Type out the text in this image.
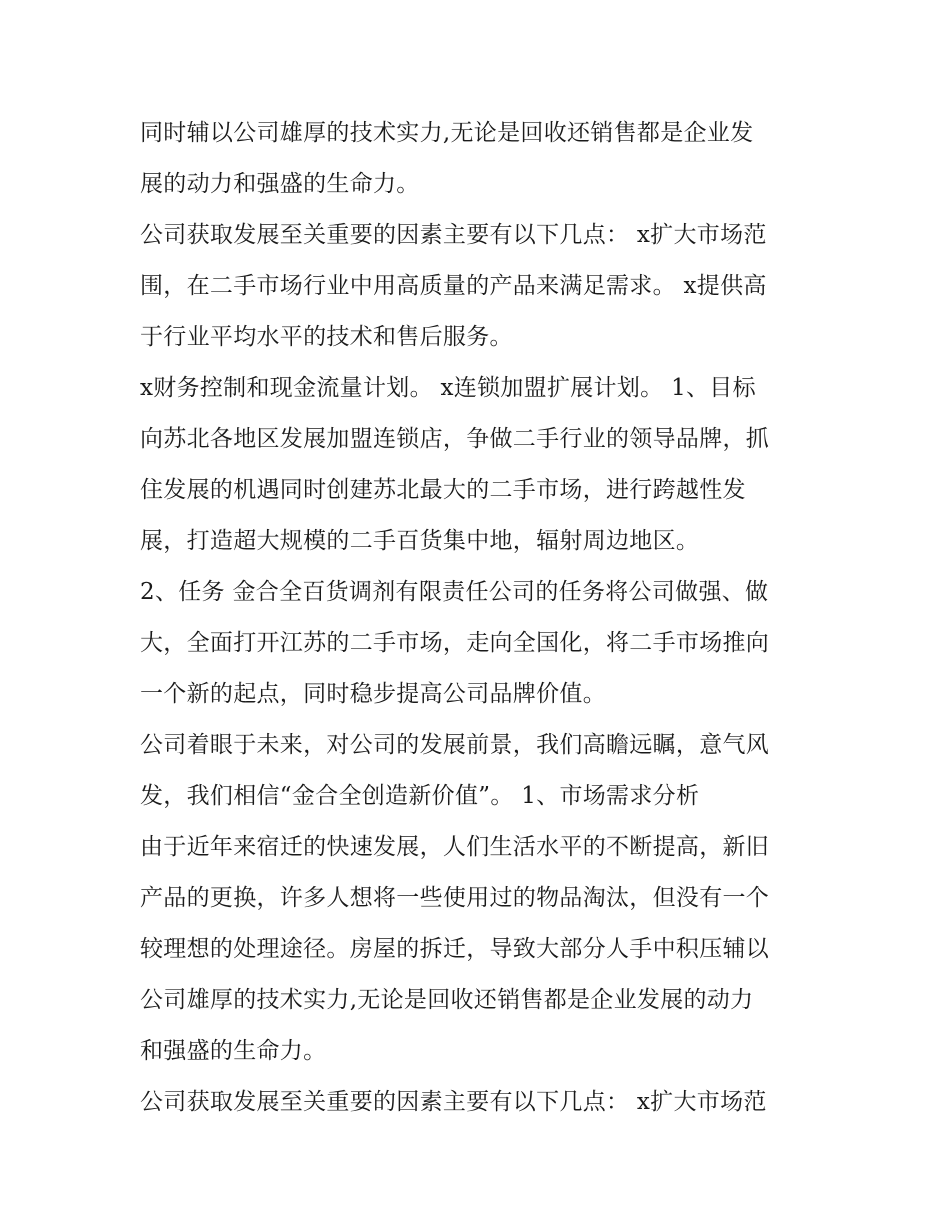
同时辅以公司雄厚的技术实力,无论是回收还销售都是企业发
展的动力和强盛的生命力。
公司获取发展至关重要的因素主要有以下几点： x扩大市场范
围，在二手市场行业中用高质量的产品来满足需求。 x提供高
于行业平均水平的技术和售后服务。
x财务控制和现金流量计划。 x连锁加盟扩展计划。 1、目标
向苏北各地区发展加盟连锁店，争做二手行业的领导品牌，抓
住发展的机遇同时创建苏北最大的二手市场，进行跨越性发
展，打造超大规模的二手百货集中地，辐射周边地区。
2、任务 金合全百货调剂有限责任公司的任务将公司做强、做
大，全面打开江苏的二手市场，走向全国化，将二手市场推向
一个新的起点，同时稳步提高公司品牌价值。
公司着眼于未来，对公司的发展前景，我们高瞻远瞩，意气风
发，我们相信“金合全创造新价值”。 1、市场需求分析
由于近年来宿迁的快速发展，人们生活水平的不断提高，新旧
产品的更换，许多人想将一些使用过的物品淘汰，但没有一个
较理想的处理途径。房屋的拆迁，导致大部分人手中积压辅以
公司雄厚的技术实力,无论是回收还销售都是企业发展的动力
和强盛的生命力。
公司获取发展至关重要的因素主要有以下几点： x扩大市场范
